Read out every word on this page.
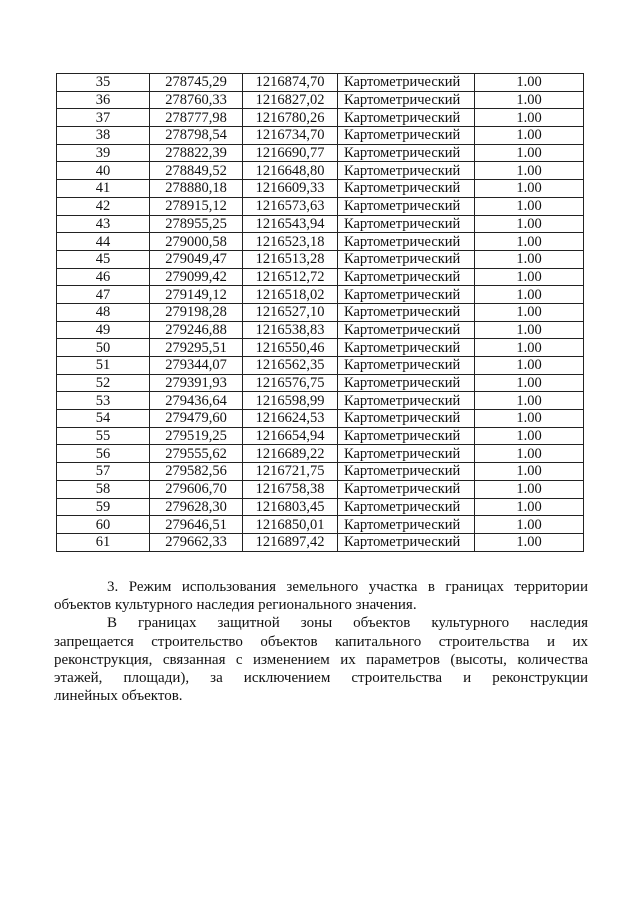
35	278745,29	1216874,70	Картометрический	1.00
36	278760,33	1216827,02	Картометрический	1.00
37	278777,98	1216780,26	Картометрический	1.00
38	278798,54	1216734,70	Картометрический	1.00
39	278822,39	1216690,77	Картометрический	1.00
40	278849,52	1216648,80	Картометрический	1.00
41	278880,18	1216609,33	Картометрический	1.00
42	278915,12	1216573,63	Картометрический	1.00
43	278955,25	1216543,94	Картометрический	1.00
44	279000,58	1216523,18	Картометрический	1.00
45	279049,47	1216513,28	Картометрический	1.00
46	279099,42	1216512,72	Картометрический	1.00
47	279149,12	1216518,02	Картометрический	1.00
48	279198,28	1216527,10	Картометрический	1.00
49	279246,88	1216538,83	Картометрический	1.00
50	279295,51	1216550,46	Картометрический	1.00
51	279344,07	1216562,35	Картометрический	1.00
52	279391,93	1216576,75	Картометрический	1.00
53	279436,64	1216598,99	Картометрический	1.00
54	279479,60	1216624,53	Картометрический	1.00
55	279519,25	1216654,94	Картометрический	1.00
56	279555,62	1216689,22	Картометрический	1.00
57	279582,56	1216721,75	Картометрический	1.00
58	279606,70	1216758,38	Картометрический	1.00
59	279628,30	1216803,45	Картометрический	1.00
60	279646,51	1216850,01	Картометрический	1.00
61	279662,33	1216897,42	Картометрический	1.00

3. Режим использования земельного участка в границах территории

объектов культурного наследия регионального значения.

В границах защитной зоны объектов культурного наследия

запрещается строительство объектов капитального строительства и их

реконструкция, связанная с изменением их параметров (высоты, количества

этажей, площади), за исключением строительства и реконструкции

линейных объектов.
